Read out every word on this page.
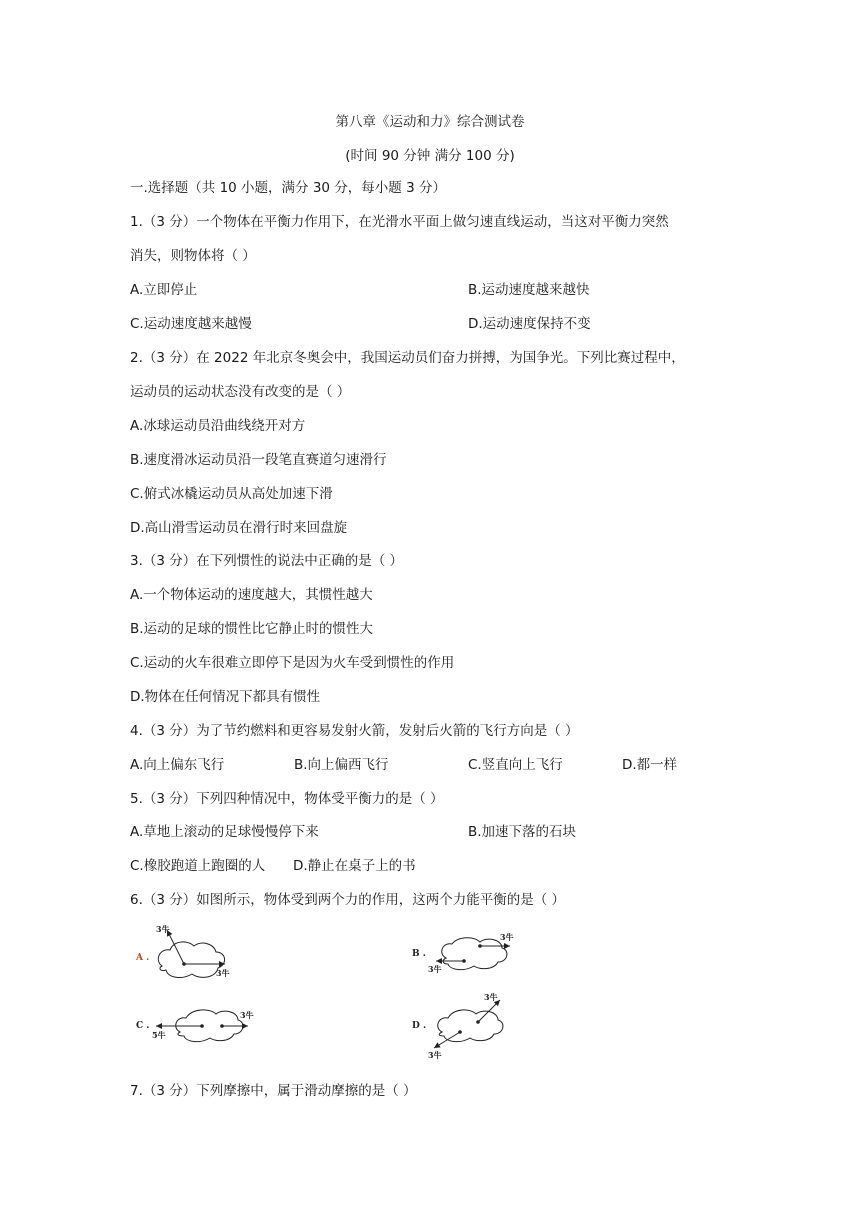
第八章《运动和力》综合测试卷
(时间 90 分钟 满分 100 分)
一.选择题（共 10 小题，满分 30 分，每小题 3 分）
1.（3 分）一个物体在平衡力作用下，在光滑水平面上做匀速直线运动，当这对平衡力突然
消失，则物体将（ ）
A.立即停止	B.运动速度越来越快
C.运动速度越来越慢	D.运动速度保持不变
2.（3 分）在 2022 年北京冬奥会中，我国运动员们奋力拼搏，为国争光。下列比赛过程中，
运动员的运动状态没有改变的是（ ）
A.冰球运动员沿曲线绕开对方
B.速度滑冰运动员沿一段笔直赛道匀速滑行
C.俯式冰橇运动员从高处加速下滑
D.高山滑雪运动员在滑行时来回盘旋
3.（3 分）在下列惯性的说法中正确的是（ ）
A.一个物体运动的速度越大，其惯性越大
B.运动的足球的惯性比它静止时的惯性大
C.运动的火车很难立即停下是因为火车受到惯性的作用
D.物体在任何情况下都具有惯性
4.（3 分）为了节约燃料和更容易发射火箭，发射后火箭的飞行方向是（ ）
A.向上偏东飞行	B.向上偏西飞行	C.竖直向上飞行	D.都一样
5.（3 分）下列四种情况中，物体受平衡力的是（ ）
A.草地上滚动的足球慢慢停下来	B.加速下落的石块
C.橡胶跑道上跑圈的人 D.静止在桌子上的书
6.（3 分）如图所示，物体受到两个力的作用，这两个力能平衡的是（ ）
A .
3牛
3牛
B .
3牛
3牛
C .
3牛
5牛
D .
3牛
3牛
7.（3 分）下列摩擦中，属于滑动摩擦的是（ ）
